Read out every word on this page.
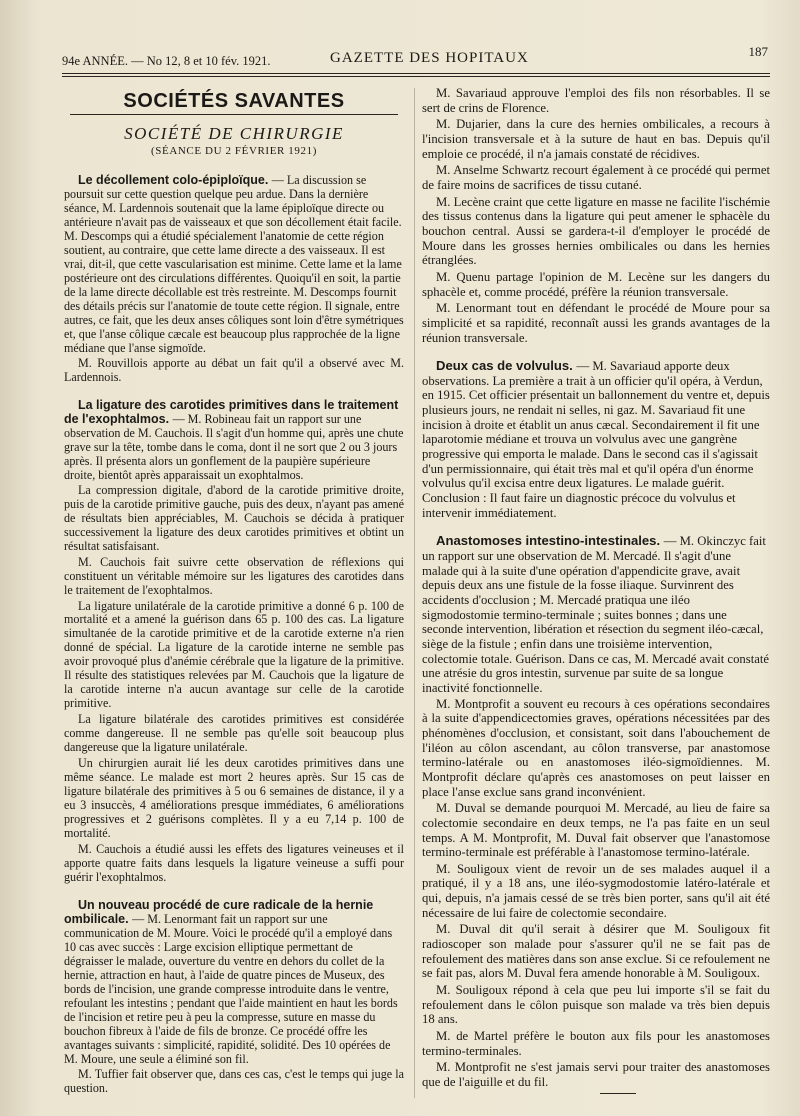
94e ANNÉE. — No 12, 8 et 10 fév. 1921.	GAZETTE DES HOPITAUX	187
SOCIÉTÉS SAVANTES
SOCIÉTÉ DE CHIRURGIE
(SÉANCE DU 2 FÉVRIER 1921)
Le décollement colo-épiploïque. — La discussion se poursuit sur cette question quelque peu ardue. Dans la dernière séance, M. Lardennois soutenait que la lame épiploïque directe ou antérieure n'avait pas de vaisseaux et que son décollement était facile. M. Descomps qui a étudié spécialement l'anatomie de cette région soutient, au contraire, que cette lame directe a des vaisseaux. Il est vrai, dit-il, que cette vascularisation est minime. Cette lame et la lame postérieure ont des circulations différentes. Quoiqu'il en soit, la partie de la lame directe décollable est très restreinte. M. Descomps fournit des détails précis sur l'anatomie de toute cette région. Il signale, entre autres, ce fait, que les deux anses côliques sont loin d'être symétriques et, que l'anse côlique cæcale est beaucoup plus rapprochée de la ligne médiane que l'anse sigmoïde.

M. Rouvillois apporte au débat un fait qu'il a observé avec M. Lardennois.

La ligature des carotides primitives dans le traitement de l'exophtalmos. — M. Robineau fait un rapport sur une observation de M. Cauchois. Il s'agit d'un homme qui, après une chute grave sur la tête, tombe dans le coma, dont il ne sort que 2 ou 3 jours après. Il présenta alors un gonflement de la paupière supérieure droite, bientôt après apparaissait un exophtalmos.

La compression digitale, d'abord de la carotide primitive droite, puis de la carotide primitive gauche, puis des deux, n'ayant pas amené de résultats bien appréciables, M. Cauchois se décida à pratiquer successivement la ligature des deux carotides primitives et obtint un résultat satisfaisant.

M. Cauchois fait suivre cette observation de réflexions qui constituent un véritable mémoire sur les ligatures des carotides dans le traitement de l'exophtalmos.

La ligature unilatérale de la carotide primitive a donné 6 p. 100 de mortalité et a amené la guérison dans 65 p. 100 des cas. La ligature simultanée de la carotide primitive et de la carotide externe n'a rien donné de spécial. La ligature de la carotide interne ne semble pas avoir provoqué plus d'anémie cérébrale que la ligature de la primitive. Il résulte des statistiques relevées par M. Cauchois que la ligature de la carotide interne n'a aucun avantage sur celle de la carotide primitive.

La ligature bilatérale des carotides primitives est considérée comme dangereuse. Il ne semble pas qu'elle soit beaucoup plus dangereuse que la ligature unilatérale.

Un chirurgien aurait lié les deux carotides primitives dans une même séance. Le malade est mort 2 heures après. Sur 15 cas de ligature bilatérale des primitives à 5 ou 6 semaines de distance, il y a eu 3 insuccès, 4 améliorations presque immédiates, 6 améliorations progressives et 2 guérisons complètes. Il y a eu 7,14 p. 100 de mortalité.

M. Cauchois a étudié aussi les effets des ligatures veineuses et il apporte quatre faits dans lesquels la ligature veineuse a suffi pour guérir l'exophtalmos.

Un nouveau procédé de cure radicale de la hernie ombilicale. — M. Lenormant fait un rapport sur une communication de M. Moure. Voici le procédé qu'il a employé dans 10 cas avec succès : Large excision elliptique permettant de dégraisser le malade, ouverture du ventre en dehors du collet de la hernie, attraction en haut, à l'aide de quatre pinces de Museux, des bords de l'incision, une grande compresse introduite dans le ventre, refoulant les intestins ; pendant que l'aide maintient en haut les bords de l'incision et retire peu à peu la compresse, suture en masse du bouchon fibreux à l'aide de fils de bronze. Ce procédé offre les avantages suivants : simplicité, rapidité, solidité. Des 10 opérées de M. Moure, une seule a éliminé son fil.

M. Tuffier fait observer que, dans ces cas, c'est le temps qui juge la question.

M. Savariaud approuve l'emploi des fils non résorbables. Il se sert de crins de Florence.

M. Dujarier, dans la cure des hernies ombilicales, a recours à l'incision transversale et à la suture de haut en bas. Depuis qu'il emploie ce procédé, il n'a jamais constaté de récidives.

M. Anselme Schwartz recourt également à ce procédé qui permet de faire moins de sacrifices de tissu cutané.

M. Lecène craint que cette ligature en masse ne facilite l'ischémie des tissus contenus dans la ligature qui peut amener le sphacèle du bouchon central. Aussi se gardera-t-il d'employer le procédé de Moure dans les grosses hernies ombilicales ou dans les hernies étranglées.

M. Quenu partage l'opinion de M. Lecène sur les dangers du sphacèle et, comme procédé, préfère la réunion transversale.

M. Lenormant tout en défendant le procédé de Moure pour sa simplicité et sa rapidité, reconnaît aussi les grands avantages de la réunion transversale.

Deux cas de volvulus. — M. Savariaud apporte deux observations. La première a trait à un officier qu'il opéra, à Verdun, en 1915. Cet officier présentait un ballonnement du ventre et, depuis plusieurs jours, ne rendait ni selles, ni gaz. M. Savariaud fit une incision à droite et établit un anus cæcal. Secondairement il fit une laparotomie médiane et trouva un volvulus avec une gangrène progressive qui emporta le malade. Dans le second cas il s'agissait d'un permissionnaire, qui était très mal et qu'il opéra d'un énorme volvulus qu'il excisa entre deux ligatures. Le malade guérit. Conclusion : Il faut faire un diagnostic précoce du volvulus et intervenir immédiatement.
Anastomoses intestino-intestinales. — M. Okinczyc fait un rapport sur une observation de M. Mercadé. Il s'agit d'une malade qui à la suite d'une opération d'appendicite grave, avait depuis deux ans une fistule de la fosse iliaque. Survinrent des accidents d'occlusion ; M. Mercadé pratiqua une iléo sigmodostomie termino-terminale ; suites bonnes ; dans une seconde intervention, libération et résection du segment iléo-cæcal, siège de la fistule ; enfin dans une troisième intervention, colectomie totale. Guérison. Dans ce cas, M. Mercadé avait constaté une atrésie du gros intestin, survenue par suite de sa longue inactivité fonctionnelle.

M. Montprofit a souvent eu recours à ces opérations secondaires à la suite d'appendicectomies graves, opérations nécessitées par des phénomènes d'occlusion, et consistant, soit dans l'abouchement de l'iléon au côlon ascendant, au côlon transverse, par anastomose termino-latérale ou en anastomoses iléo-sigmoïdiennes. M. Montprofit déclare qu'après ces anastomoses on peut laisser en place l'anse exclue sans grand inconvénient.

M. Duval se demande pourquoi M. Mercadé, au lieu de faire sa colectomie secondaire en deux temps, ne l'a pas faite en un seul temps. A M. Montprofit, M. Duval fait observer que l'anastomose termino-terminale est préférable à l'anastomose termino-latérale.

M. Souligoux vient de revoir un de ses malades auquel il a pratiqué, il y a 18 ans, une iléo-sygmodostomie latéro-latérale et qui, depuis, n'a jamais cessé de se très bien porter, sans qu'il ait été nécessaire de lui faire de colectomie secondaire.

M. Duval dit qu'il serait à désirer que M. Souligoux fit radioscoper son malade pour s'assurer qu'il ne se fait pas de refoulement des matières dans son anse exclue. Si ce refoulement ne se fait pas, alors M. Duval fera amende honorable à M. Souligoux.

M. Souligoux répond à cela que peu lui importe s'il se fait du refoulement dans le côlon puisque son malade va très bien depuis 18 ans.

M. de Martel préfère le bouton aux fils pour les anastomoses termino-terminales.

M. Montprofit ne s'est jamais servi pour traiter des anastomoses que de l'aiguille et du fil.
